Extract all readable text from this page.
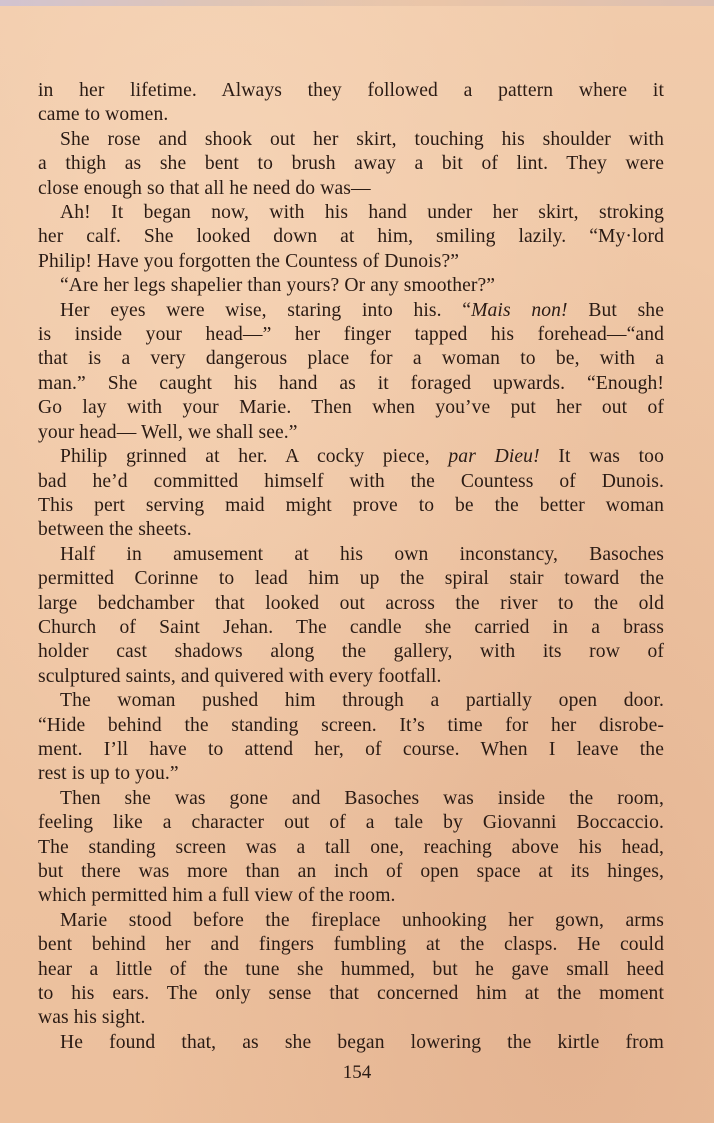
in her lifetime. Always they followed a pattern where it
came to women.
She rose and shook out her skirt, touching his shoulder with
a thigh as she bent to brush away a bit of lint. They were
close enough so that all he need do was—
Ah! It began now, with his hand under her skirt, stroking
her calf. She looked down at him, smiling lazily. “My·lord
Philip! Have you forgotten the Countess of Dunois?”
“Are her legs shapelier than yours? Or any smoother?”
Her eyes were wise, staring into his. “Mais non! But she
is inside your head—” her finger tapped his forehead—“and
that is a very dangerous place for a woman to be, with a
man.” She caught his hand as it foraged upwards. “Enough!
Go lay with your Marie. Then when you’ve put her out of
your head— Well, we shall see.”
Philip grinned at her. A cocky piece, par Dieu! It was too
bad he’d committed himself with the Countess of Dunois.
This pert serving maid might prove to be the better woman
between the sheets.
Half in amusement at his own inconstancy, Basoches
permitted Corinne to lead him up the spiral stair toward the
large bedchamber that looked out across the river to the old
Church of Saint Jehan. The candle she carried in a brass
holder cast shadows along the gallery, with its row of
sculptured saints, and quivered with every footfall.
The woman pushed him through a partially open door.
“Hide behind the standing screen. It’s time for her disrobe-
ment. I’ll have to attend her, of course. When I leave the
rest is up to you.”
Then she was gone and Basoches was inside the room,
feeling like a character out of a tale by Giovanni Boccaccio.
The standing screen was a tall one, reaching above his head,
but there was more than an inch of open space at its hinges,
which permitted him a full view of the room.
Marie stood before the fireplace unhooking her gown, arms
bent behind her and fingers fumbling at the clasps. He could
hear a little of the tune she hummed, but he gave small heed
to his ears. The only sense that concerned him at the moment
was his sight.
He found that, as she began lowering the kirtle from
154
